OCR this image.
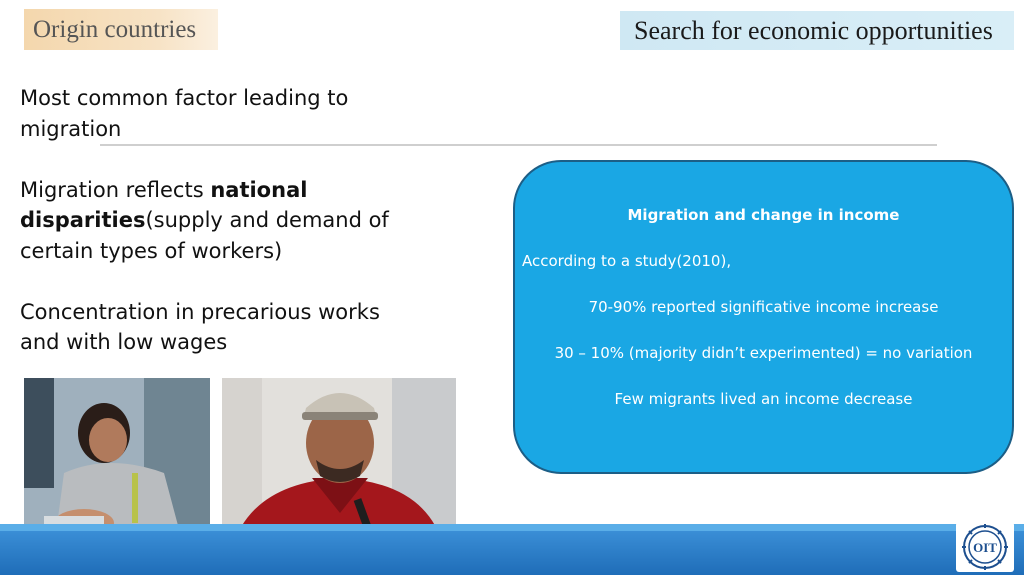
Origin countries	Search for economic opportunities

Most common factor leading to migration

Migration reflects national disparities(supply and demand of certain types of workers)

Concentration in precarious works and with low wages

Migration and change in income
According to a study(2010),
70-90% reported significative income increase
30 – 10% (majority didn’t experimented) = no variation
Few migrants lived an income decrease
OIT
